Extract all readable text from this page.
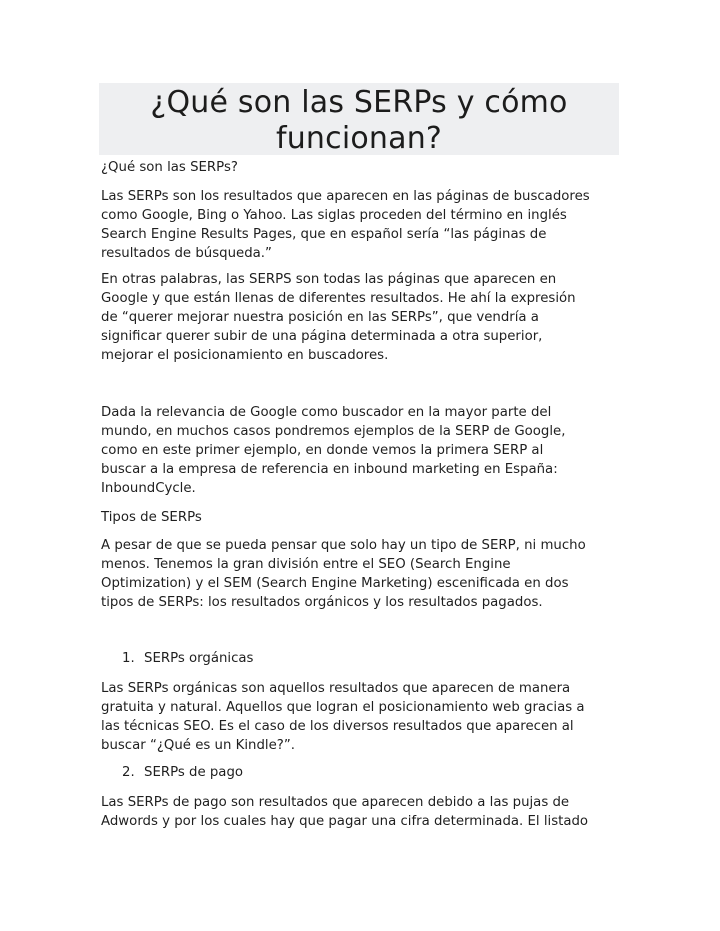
¿Qué son las SERPs y cómo funcionan?

¿Qué son las SERPs?

Las SERPs son los resultados que aparecen en las páginas de buscadores
como Google, Bing o Yahoo. Las siglas proceden del término en inglés
Search Engine Results Pages, que en español sería “las páginas de
resultados de búsqueda.”

En otras palabras, las SERPS son todas las páginas que aparecen en
Google y que están llenas de diferentes resultados. He ahí la expresión
de “querer mejorar nuestra posición en las SERPs”, que vendría a
significar querer subir de una página determinada a otra superior,
mejorar el posicionamiento en buscadores.

Dada la relevancia de Google como buscador en la mayor parte del
mundo, en muchos casos pondremos ejemplos de la SERP de Google,
como en este primer ejemplo, en donde vemos la primera SERP al
buscar a la empresa de referencia en inbound marketing en España:
InboundCycle.

Tipos de SERPs

A pesar de que se pueda pensar que solo hay un tipo de SERP, ni mucho
menos. Tenemos la gran división entre el SEO (Search Engine
Optimization) y el SEM (Search Engine Marketing) escenificada en dos
tipos de SERPs: los resultados orgánicos y los resultados pagados.

1. SERPs orgánicas

Las SERPs orgánicas son aquellos resultados que aparecen de manera
gratuita y natural. Aquellos que logran el posicionamiento web gracias a
las técnicas SEO. Es el caso de los diversos resultados que aparecen al
buscar “¿Qué es un Kindle?”.

2. SERPs de pago

Las SERPs de pago son resultados que aparecen debido a las pujas de
Adwords y por los cuales hay que pagar una cifra determinada. El listado
